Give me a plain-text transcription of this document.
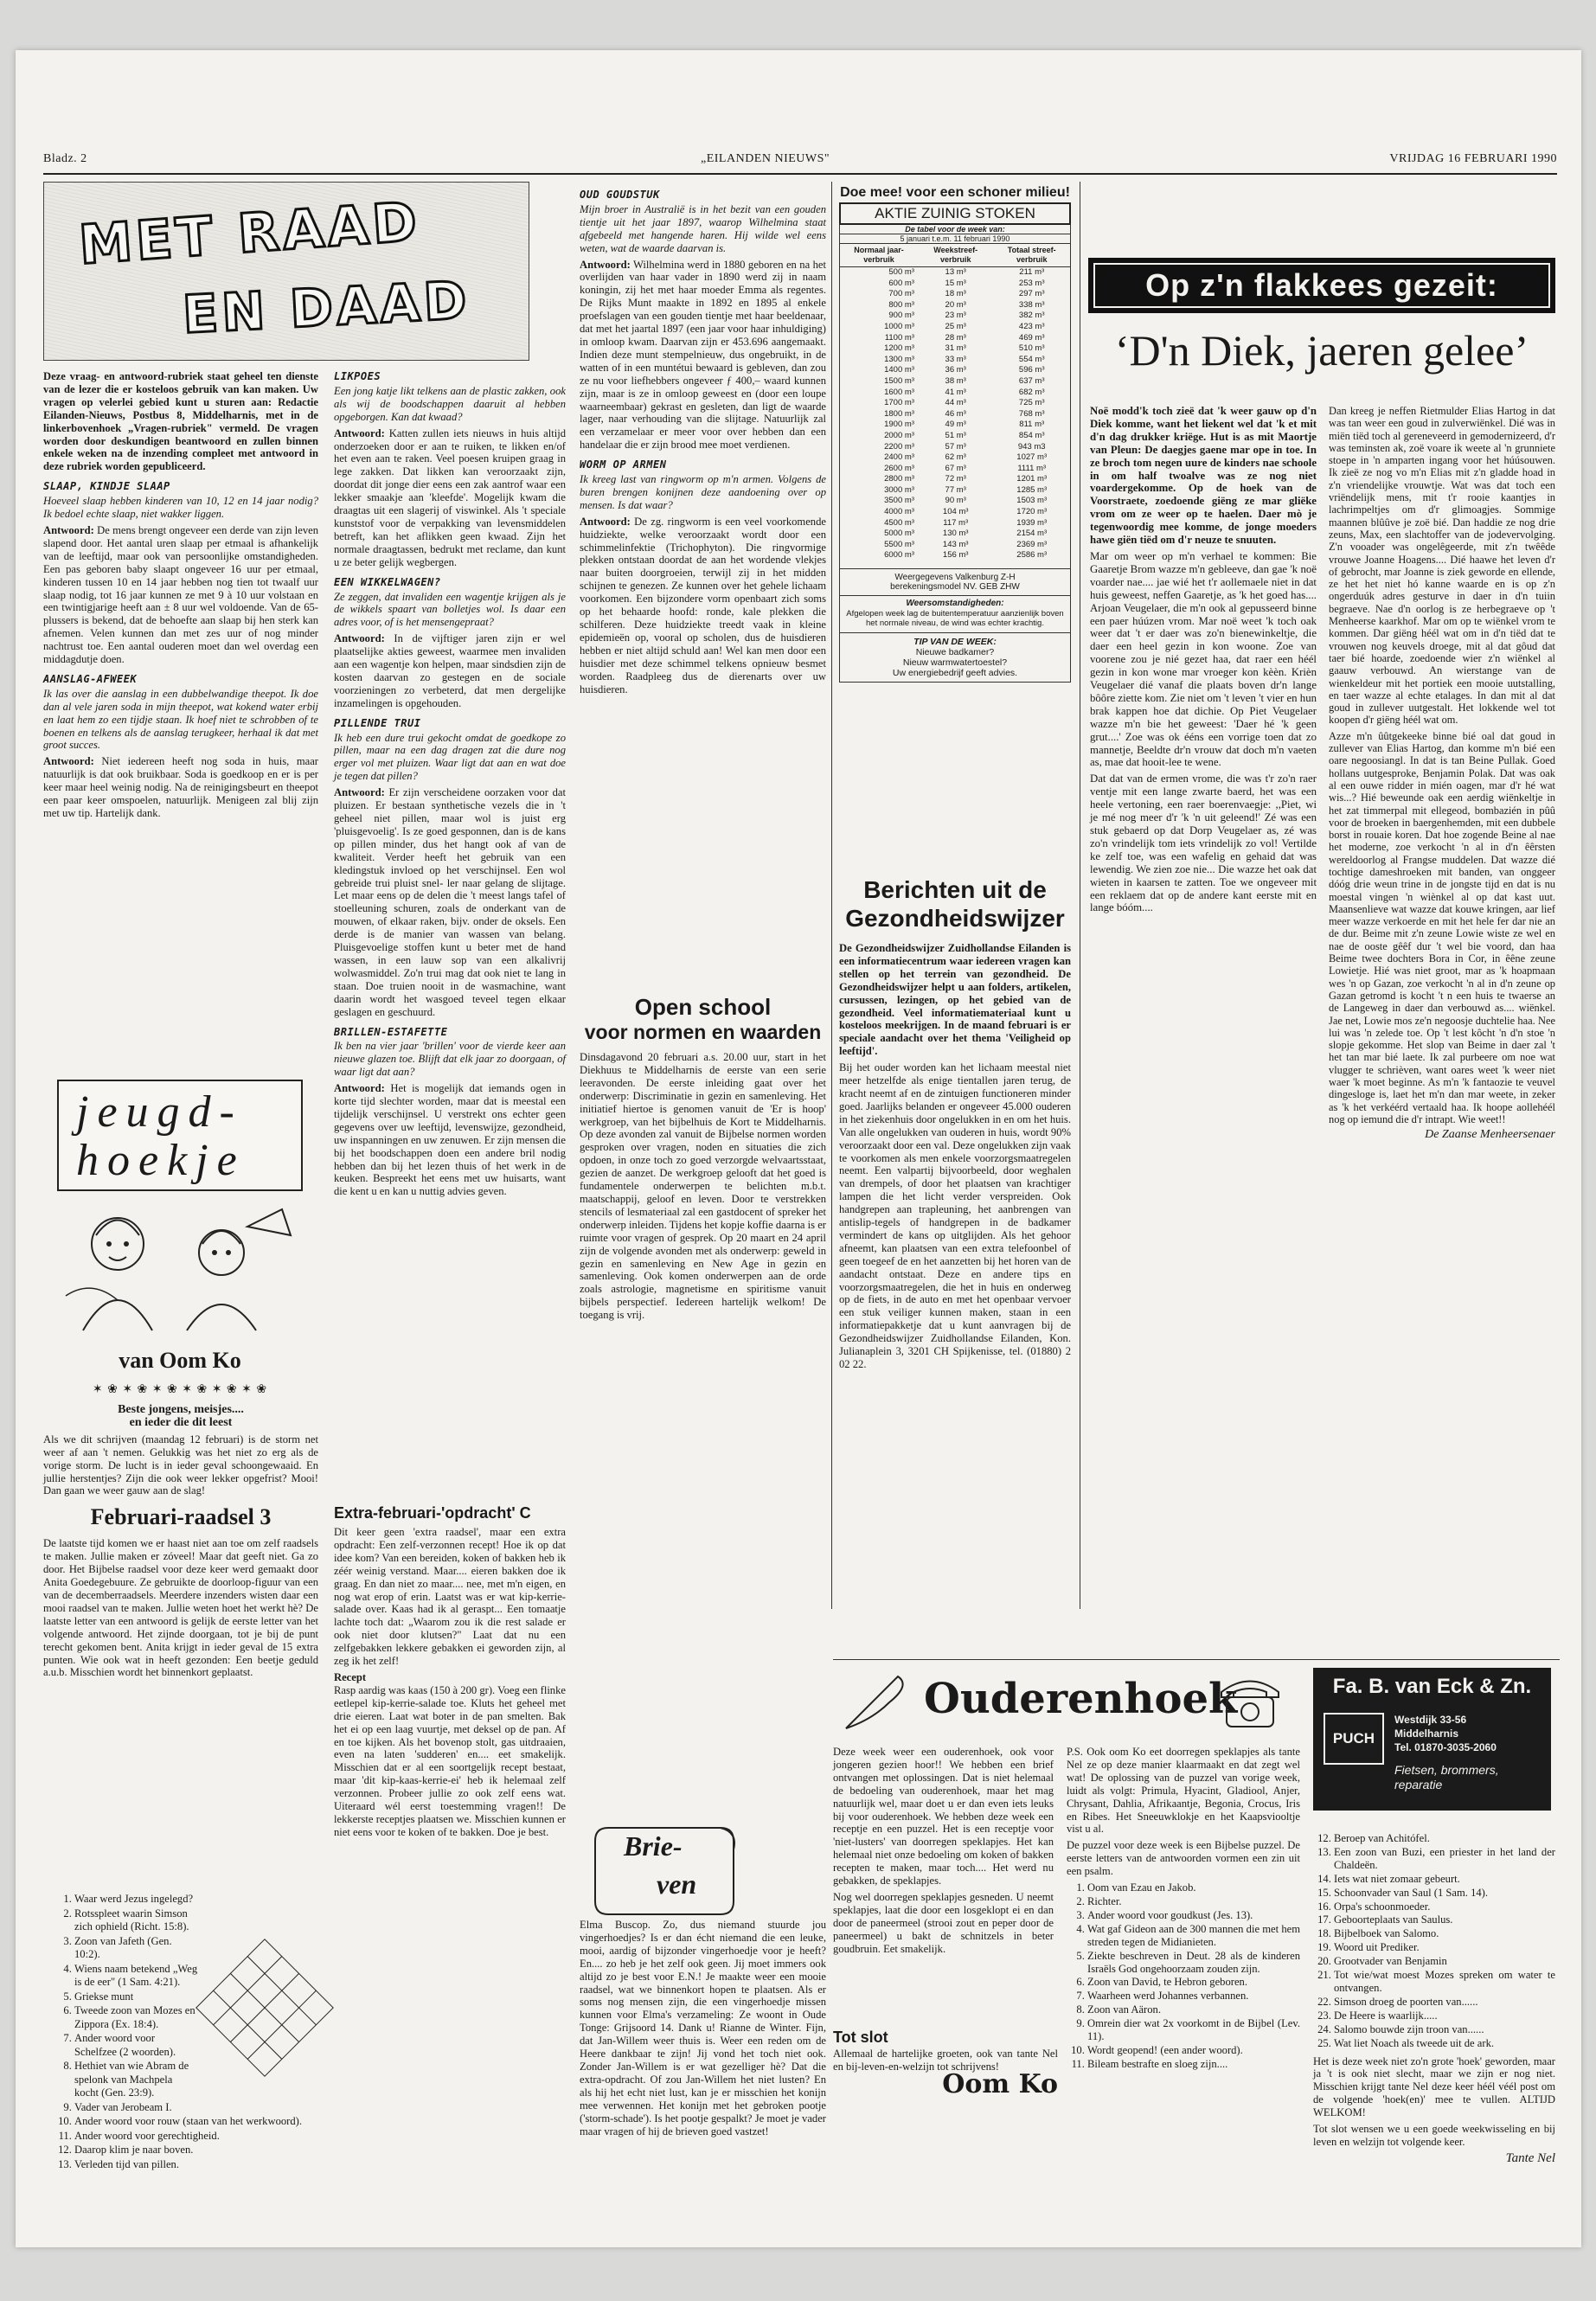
Bladz. 2	„EILANDEN NIEUWS"	VRIJDAG 16 FEBRUARI 1990
MET RAAD
EN DAAD

Deze vraag- en antwoord-rubriek staat geheel ten dienste van de lezer die er kosteloos gebruik van kan maken. Uw vragen op velerlei gebied kunt u sturen aan: Redactie Eilanden-Nieuws, Postbus 8, Middelharnis, met in de linkerbovenhoek „Vragen-rubriek" vermeld. De vragen worden door deskundigen beantwoord en zullen binnen enkele weken na de inzending compleet met antwoord in deze rubriek worden gepubliceerd.

SLAAP, KINDJE SLAAP

Hoeveel slaap hebben kinderen van 10, 12 en 14 jaar nodig? Ik bedoel echte slaap, niet wakker liggen.

Antwoord: De mens brengt ongeveer een derde van zijn leven slapend door. Het aantal uren slaap per etmaal is afhankelijk van de leeftijd, maar ook van persoonlijke omstandigheden. Een pas geboren baby slaapt ongeveer 16 uur per etmaal, kinderen tussen 10 en 14 jaar hebben nog tien tot twaalf uur slaap nodig, tot 16 jaar kunnen ze met 9 à 10 uur volstaan en een twintigjarige heeft aan ± 8 uur wel voldoende. Van de 65-plussers is bekend, dat de behoefte aan slaap bij hen sterk kan afnemen. Velen kunnen dan met zes uur of nog minder nachtrust toe. Een aantal ouderen moet dan wel overdag een middagdutje doen.

AANSLAG-AFWEEK

Ik las over die aanslag in een dubbelwandige theepot. Ik doe dan al vele jaren soda in mijn theepot, wat kokend water erbij en laat hem zo een tijdje staan. Ik hoef niet te schrobben of te boenen en telkens als de aanslag terugkeer, herhaal ik dat met groot succes.

Antwoord: Niet iedereen heeft nog soda in huis, maar natuurlijk is dat ook bruikbaar. Soda is goedkoop en er is per keer maar heel weinig nodig. Na de reinigingsbeurt en theepot een paar keer omspoelen, natuurlijk. Menigeen zal blij zijn met uw tip. Hartelijk dank.

LIKPOES

Een jong katje likt telkens aan de plastic zakken, ook als wij de boodschappen daaruit al hebben opgeborgen. Kan dat kwaad?

Antwoord: Katten zullen iets nieuws in huis altijd onderzoeken door er aan te ruiken, te likken en/of het even aan te raken. Veel poesen kruipen graag in lege zakken. Dat likken kan veroorzaakt zijn, doordat dit jonge dier eens een zak aantrof waar een lekker smaakje aan 'kleefde'. Mogelijk kwam die draagtas uit een slagerij of viswinkel. Als 't speciale kunststof voor de verpakking van levensmiddelen betreft, kan het aflikken geen kwaad. Zijn het normale draagtassen, bedrukt met reclame, dan kunt u ze beter gelijk wegbergen.

EEN WIKKELWAGEN?

Ze zeggen, dat invaliden een wagentje krijgen als je de wikkels spaart van bolletjes wol. Is daar een adres voor, of is het mensengepraat?

Antwoord: In de vijftiger jaren zijn er wel plaatselijke akties geweest, waarmee men invaliden aan een wagentje kon helpen, maar sindsdien zijn de kosten daarvan zo gestegen en de sociale voorzieningen zo verbeterd, dat men dergelijke inzamelingen is opgehouden.

PILLENDE TRUI

Ik heb een dure trui gekocht omdat de goedkope zo pillen, maar na een dag dragen zat die dure nog erger vol met pluizen. Waar ligt dat aan en wat doe je tegen dat pillen?

Antwoord: Er zijn verscheidene oorzaken voor dat pluizen. Er bestaan synthetische vezels die in 't geheel niet pillen, maar wol is juist erg 'pluisgevoelig'. Is ze goed gesponnen, dan is de kans op pillen minder, dus het hangt ook af van de kwaliteit. Verder heeft het gebruik van een kledingstuk invloed op het verschijnsel. Een wol gebreide trui pluist snel- ler naar gelang de slijtage. Let maar eens op de delen die 't meest langs tafel of stoelleuning schuren, zoals de onderkant van de mouwen, of elkaar raken, bijv. onder de oksels. Een derde is de manier van wassen van belang. Pluisgevoelige stoffen kunt u beter met de hand wassen, in een lauw sop van een alkalivrij wolwasmiddel. Zo'n trui mag dat ook niet te lang in staan. Doe truien nooit in de wasmachine, want daarin wordt het wasgoed teveel tegen elkaar geslagen en geschuurd.

BRILLEN-ESTAFETTE

Ik ben na vier jaar 'brillen' voor de vierde keer aan nieuwe glazen toe. Blijft dat elk jaar zo doorgaan, of waar ligt dat aan?

Antwoord: Het is mogelijk dat iemands ogen in korte tijd slechter worden, maar dat is meestal een tijdelijk verschijnsel. U verstrekt ons echter geen gegevens over uw leeftijd, levenswijze, gezondheid, uw inspanningen en uw zenuwen. Er zijn mensen die bij het boodschappen doen een andere bril nodig hebben dan bij het lezen thuis of het werk in de keuken. Bespreekt het eens met uw huisarts, want die kent u en kan u nuttig advies geven.

OUD GOUDSTUK

Mijn broer in Australië is in het bezit van een gouden tientje uit het jaar 1897, waarop Wilhelmina staat afgebeeld met hangende haren. Hij wilde wel eens weten, wat de waarde daarvan is.

Antwoord: Wilhelmina werd in 1880 geboren en na het overlijden van haar vader in 1890 werd zij in naam koningin, zij het met haar moeder Emma als regentes. De Rijks Munt maakte in 1892 en 1895 al enkele proefslagen van een gouden tientje met haar beeldenaar, dat met het jaartal 1897 (een jaar voor haar inhuldiging) in omloop kwam. Daarvan zijn er 453.696 aangemaakt. Indien deze munt stempelnieuw, dus ongebruikt, in de watten of in een muntétui bewaard is gebleven, dan zou ze nu voor liefhebbers ongeveer ƒ 400,– waard kunnen zijn, maar is ze in omloop geweest en (door een loupe waarneembaar) gekrast en gesleten, dan ligt de waarde lager, naar verhouding van die slijtage. Natuurlijk zal een verzamelaar er meer voor over hebben dan een handelaar die er zijn brood mee moet verdienen.

WORM OP ARMEN

Ik kreeg last van ringworm op m'n armen. Volgens de buren brengen konijnen deze aandoening over op mensen. Is dat waar?

Antwoord: De zg. ringworm is een veel voorkomende huidziekte, welke veroorzaakt wordt door een schimmelinfektie (Trichophyton). Die ringvormige plekken ontstaan doordat de aan het wordende vlekjes naar buiten doorgroeien, terwijl zij in het midden schijnen te genezen. Ze kunnen over het gehele lichaam voorkomen. Een bijzondere vorm openbaart zich soms op het behaarde hoofd: ronde, kale plekken die schilferen. Deze huidziekte treedt vaak in kleine epidemieën op, vooral op scholen, dus de huisdieren hebben er niet altijd schuld aan! Wel kan men door een huisdier met deze schimmel telkens opnieuw besmet worden. Raadpleeg dus de dierenarts over uw huisdieren.

Doe mee! voor een schoner milieu!
AKTIE ZUINIG STOKEN
De tabel voor de week van:
5 januari t.e.m. 11 februari 1990
Normaal jaar-verbruik	Weekstreef-verbruik	Totaal streef-verbruik
500 m³	13 m³	211 m³
600 m³	15 m³	253 m³
700 m³	18 m³	297 m³
800 m³	20 m³	338 m³
900 m³	23 m³	382 m³
1000 m³	25 m³	423 m³
1100 m³	28 m³	469 m³
1200 m³	31 m³	510 m³
1300 m³	33 m³	554 m³
1400 m³	36 m³	596 m³
1500 m³	38 m³	637 m³
1600 m³	41 m³	682 m³
1700 m³	44 m³	725 m³
1800 m³	46 m³	768 m³
1900 m³	49 m³	811 m³
2000 m³	51 m³	854 m³
2200 m³	57 m³	943 m3
2400 m³	62 m³	1027 m³
2600 m³	67 m³	1111 m³
2800 m³	72 m³	1201 m³
3000 m³	77 m³	1285 m³
3500 m³	90 m³	1503 m³
4000 m³	104 m³	1720 m³
4500 m³	117 m³	1939 m³
5000 m³	130 m³	2154 m³
5500 m³	143 m³	2369 m³
6000 m³	156 m³	2586 m³
Weergegevens Valkenburg Z-H
berekeningsmodel NV. GEB ZHW
Weersomstandigheden:
Afgelopen week lag de buitentemperatuur aanzienlijk boven het normale niveau, de wind was echter krachtig.
TIP VAN DE WEEK:
Nieuwe badkamer?
Nieuw warmwatertoestel?
Uw energiebedrijf geeft advies.
Open school
voor normen en waarden

Dinsdagavond 20 februari a.s. 20.00 uur, start in het Diekhuus te Middelharnis de eerste van een serie leeravonden. De eerste inleiding gaat over het onderwerp: Discriminatie in gezin en samenleving. Het initiatief hiertoe is genomen vanuit de 'Er is hoop' werkgroep, van het bijbelhuis de Kort te Middelharnis. Op deze avonden zal vanuit de Bijbelse normen worden gesproken over vragen, noden en situaties die zich opdoen, in onze toch zo goed verzorgde welvaartsstaat, gezien de aanzet. De werkgroep gelooft dat het goed is fundamentele onderwerpen te belichten m.b.t. maatschappij, geloof en leven. Door te verstrekken stencils of lesmateriaal zal een gastdocent of spreker het onderwerp inleiden. Tijdens het kopje koffie daarna is er ruimte voor vragen of gesprek. Op 20 maart en 24 april zijn de volgende avonden met als onderwerp: geweld in gezin en samenleving en New Age in gezin en samenleving. Ook komen onderwerpen aan de orde zoals astrologie, magnetisme en spiritisme vanuit bijbels perspectief. Iedereen hartelijk welkom! De toegang is vrij.

Berichten uit de
Gezondheidswijzer

De Gezondheidswijzer Zuidhollandse Eilanden is een informatiecentrum waar iedereen vragen kan stellen op het terrein van gezondheid. De Gezondheidswijzer helpt u aan folders, artikelen, cursussen, lezingen, op het gebied van de gezondheid. Veel informatiemateriaal kunt u kosteloos meekrijgen. In de maand februari is er speciale aandacht over het thema 'Veiligheid op leeftijd'.

Bij het ouder worden kan het lichaam meestal niet meer hetzelfde als enige tientallen jaren terug, de kracht neemt af en de zintuigen functioneren minder goed. Jaarlijks belanden er ongeveer 45.000 ouderen in het ziekenhuis door ongelukken in en om het huis. Van alle ongelukken van ouderen in huis, wordt 90% veroorzaakt door een val. Deze ongelukken zijn vaak te voorkomen als men enkele voorzorgsmaatregelen neemt. Een valpartij bijvoorbeeld, door weghalen van drempels, of door het plaatsen van krachtiger lampen die het licht verder verspreiden. Ook handgrepen aan trapleuning, het aanbrengen van antislip-tegels of handgrepen in de badkamer vermindert de kans op uitglijden. Als het gehoor afneemt, kan plaatsen van een extra telefoonbel of geen toegeef de en het aanzetten bij het horen van de aandacht ontstaat. Deze en andere tips en voorzorgsmaatregelen, die het in huis en onderweg op de fiets, in de auto en met het openbaar vervoer een stuk veiliger kunnen maken, staan in een informatiepakketje dat u kunt aanvragen bij de Gezondheidswijzer Zuidhollandse Eilanden, Kon. Julianaplein 3, 3201 CH Spijkenisse, tel. (01880) 2 02 22.

Op z'n flakkees gezeit:
‘D'n Diek, jaeren gelee’

Noë modd'k toch zieë dat 'k weer gauw op d'n Diek komme, want het liekent wel dat 'k et mit d'n dag drukker kriëge. Hut is as mit Maortje van Pleun: De daegjes gaene mar ope in toe. In ze broch tom negen uure de kinders nae schoole in om half twoalve was ze nog niet voardergekomme. Op de hoek van de Voorstraete, zoedoende giëng ze mar gliëke vrom om ze weer op te haelen. Daer mò je tegenwoordig mee komme, de jonge moeders hawe giën tiëd om d'r neuze te snuuten.

Mar om weer op m'n verhael te kommen: Bie Gaaretje Brom wazze m'n gebleeve, dan gae 'k noë voarder nae.... jae wié het t'r aollemaele niet in dat huis geweest, neffen Gaaretje, as 'k het goed has.... Arjoan Veugelaer, die m'n ook al gepusseerd binne een paer húúzen vrom. Mar noë weet 'k toch oak weer dat 't er daer was zo'n bienewinkeltje, die daer een heel gezin in kon woone. Zoe van voorene zou je nié gezet haa, dat raer een héél gezin in kon wone mar vroeger kon kèèn. Krièn Veugelaer dié vanaf die plaats boven dr'n lange bôôre ziette kom. Zie niet om 't leven 't vier en hun brak kappen hoe dat dichie. Op Piet Veugelaer wazze m'n bie het geweest: 'Daer hé 'k geen grut....' Zoe was ok ééns een vorrige toen dat zo mannetje, Beeldte dr'n vrouw dat doch m'n vaeten as, mae dat hooit-lee te wene.

Dat dat van de ermen vrome, die was t'r zo'n raer ventje mit een lange zwarte baerd, het was een heele vertoning, een raer boerenvaegje: ,,Piet, wi je mé nog meer d'r 'k 'n uit geleend!' Zé was een stuk gebaerd op dat Dorp Veugelaer as, zé was zo'n vrindelijk tom iets vrindelijk zo vol! Vertilde ke zelf toe, was een wafelig en gehaid dat was lewendig. We zien zoe nie... Die wazze het oak dat wieten in kaarsen te zatten. Toe we ongeveer mit een reklaem dat op de andere kant eerste mit en lange bóóm....

Dan kreeg je neffen Rietmulder Elias Hartog in dat was tan weer een goud in zulverwiënkel. Dié was in miën tiëd toch al gereneveerd in gemodernizeerd, d'r was teminsten ak, zoë voare ik weete al 'n grunniete stoepe in 'n amparten ingang voor het húúsouwen. Ik zieë ze nog vo m'n Elias mit z'n gladde hoad in z'n vriendelijke vrouwtje. Wat was dat toch een vriëndelijk mens, mit t'r rooie kaantjes in lachrimpeltjes om d'r glimoagjes. Sommige maannen blûûve je zoë bié. Dan haddie ze nog drie zeuns, Max, een slachtoffer van de jodevervolging. Z'n vooader was ongelêgeerde, mit z'n twêêde vrouwe Joanne Hoagens.... Dié haawe het leven d'r of gebrocht, mar Joanne is ziek geworde en ellende, ze het het niet hó kanne waarde en is op z'n ongerduúk adres gesturve in daer in d'n tuiin begraeve. Nae d'n oorlog is ze herbegraeve op 't Menheerse kaarkhof. Mar om op te wiënkel vrom te kommen. Dar giëng héél wat om in d'n tiëd dat te vrouwen nog keuvels droege, mit al dat gôud dat taer bié hoarde, zoedoende wier z'n wiënkel al gaauw verbouwd. An wierstange van de wienkeldeur mit het portiek een mooie uutstalling, en taer wazze al echte etalages. In dan mit al dat goud in zullever uutgestalt. Het lokkende wel tot koopen d'r giëng héél wat om.

Azze m'n ûûtgekeeke binne bié oal dat goud in zullever van Elias Hartog, dan komme m'n bié een oare negoosiangl. In dat is tan Beine Pullak. Goed hollans uutgesproke, Benjamin Polak. Dat was oak al een ouwe ridder in mién oagen, mar d'r hé wat wis...? Hié beweunde oak een aerdig wiënkeltje in het zat timmerpal mit ellegeod, bombazién in pûû voor de broeken in baergenhemden, mit een dubbele borst in rouaie koren. Dat hoe zogende Beine al nae het moderne, zoe verkocht 'n al in d'n êêrsten wereldoorlog al Frangse muddelen. Dat wazze dié tochtige dameshroeken mit banden, van onggeer dóóg drie weun trine in de jongste tijd en dat is nu moestal vingen 'n wiènkel al op dat kast uut. Maansenlieve wat wazze dat kouwe kringen, aar lief meer wazze verkoerde en mit het hele fer dar nie an de dur. Beime mit z'n zeune Lowie wiste ze wel en nae de ooste gêêf dur 't wel bie voord, dan haa Beime twee dochters Bora in Cor, in êêne zeune Lowietje. Hié was niet groot, mar as 'k hoapmaan wes 'n op Gazan, zoe verkocht 'n al in d'n zeune op Gazan getromd is kocht 't n een huis te twaerse an de Langeweg in daer dan verbouwd as.... wiënkel. Jae net, Lowie mos ze'n negoosje duchtelie haa. Nee lui was 'n zelede toe. Op 't lest kôcht 'n d'n stoe 'n slopje gekomme. Het slop van Beime in daer zal 't het tan mar bié laete. Ik zal purbeere om noe wat vlugger te schrièven, want oares weet 'k weer niet waer 'k moet beginne. As m'n 'k fantaozie te veuvel dingesloge is, laet het m'n dan mar weete, in zeker as 'k het verkéérd vertaald haa. Ik hoope aollehéél nog op iemund die d'r intrapt. Wie weet!!

De Zaanse Menheersenaer

jeugd-
hoekje
van Oom Ko
✶ ❀ ✶ ❀ ✶ ❀ ✶ ❀ ✶ ❀ ✶ ❀
Beste jongens, meisjes....
en ieder die dit leest

Als we dit schrijven (maandag 12 februari) is de storm net weer af aan 't nemen. Gelukkig was het niet zo erg als de vorige storm. De lucht is in ieder geval schoongewaaid. En jullie herstentjes? Zijn die ook weer lekker opgefrist? Mooi! Dan gaan we weer gauw aan de slag!

Februari-raadsel 3

De laatste tijd komen we er haast niet aan toe om zelf raadsels te maken. Jullie maken er zóveel! Maar dat geeft niet. Ga zo door. Het Bijbelse raadsel voor deze keer werd gemaakt door Anita Goedegebuure. Ze gebruikte de doorloop-figuur van een van de decemberraadsels. Meerdere inzenders wisten daar een mooi raadsel van te maken. Jullie weten hoet het werkt hè? De laatste letter van een antwoord is gelijk de eerste letter van het volgende antwoord. Het zijnde doorgaan, tot je bij de punt terecht gekomen bent. Anita krijgt in ieder geval de 15 extra punten. Wie ook wat in heeft gezonden: Een beetje geduld a.u.b. Misschien wordt het binnenkort geplaatst.

1. Waar werd Jezus ingelegd?
2. Rotsspleet waarin Simson zich ophield (Richt. 15:8).
3. Zoon van Jafeth (Gen. 10:2).
4. Wiens naam betekend „Weg is de eer" (1 Sam. 4:21).
5. Griekse munt
6. Tweede zoon van Mozes en Zippora (Ex. 18:4).
7. Ander woord voor Schelfzee (2 woorden).
8. Hethiet van wie Abram de spelonk van Machpela kocht (Gen. 23:9).
9. Vader van Jerobeam I.
10. Ander woord voor rouw (staan van het werkwoord).
11. Ander woord voor gerechtigheid.
12. Daarop klim je naar boven.
13. Verleden tijd van pillen.
Extra-februari-'opdracht' C

Dit keer geen 'extra raadsel', maar een extra opdracht: Een zelf-verzonnen recept! Hoe ik op dat idee kom? Van een bereiden, koken of bakken heb ik zéér weinig verstand. Maar.... eieren bakken doe ik graag. En dan niet zo maar.... nee, met m'n eigen, en nog wat erop of erin. Laatst was er wat kip-kerrie-salade over. Kaas had ik al geraspt... Een tomaatje lachte toch dat: „Waarom zou ik die rest salade er ook niet door klutsen?" Laat dat nu een zelfgebakken lekkere gebakken ei geworden zijn, al zeg ik het zelf!

Recept

Rasp aardig was kaas (150 à 200 gr). Voeg een flinke eetlepel kip-kerrie-salade toe. Kluts het geheel met drie eieren. Laat wat boter in de pan smelten. Bak het ei op een laag vuurtje, met deksel op de pan. Af en toe kijken. Als het bovenop stolt, gas uitdraaien, even na laten 'sudderen' en.... eet smakelijk. Misschien dat er al een soortgelijk recept bestaat, maar 'dit kip-kaas-kerrie-ei' heb ik helemaal zelf verzonnen. Probeer jullie zo ook zelf eens wat. Uiteraard wél eerst toestemming vragen!! De lekkerste receptjes plaatsen we. Misschien kunnen er niet eens voor te koken of te bakken. Doe je best.	Brie-
ven

Elma Buscop. Zo, dus niemand stuurde jou vingerhoedjes? Is er dan écht niemand die een leuke, mooi, aardig of bijzonder vingerhoedje voor je heeft? En.... zo heb je het zelf ook geen. Jij moet immers ook altijd zo je best voor E.N.! Je maakte weer een mooie raadsel, wat we binnenkort hopen te plaatsen. Als er soms nog mensen zijn, die een vingerhoedje missen kunnen voor Elma's verzameling: Ze woont in Oude Tonge: Grijsoord 14. Dank u! Rianne de Winter. Fijn, dat Jan-Willem weer thuis is. Weer een reden om de Heere dankbaar te zijn! Jij vond het toch niet ook. Zonder Jan-Willem is er wat gezelliger hè? Dat die extra-opdracht. Of zou Jan-Willem het niet lusten? En als hij het echt niet lust, kan je er misschien het konijn mee verwennen. Het konijn met het gebroken pootje ('storm-schade'). Is het pootje gespalkt? Je moet je vader maar vragen of hij de brieven goed vastzet!

Tot slot

Allemaal de hartelijke groeten, ook van tante Nel en bij-leven-en-welzijn tot schrijvens!

Oom Ko
Ouderenhoek	Fa. B. van Eck & Zn.
PUCH
Westdijk 33-56
Middelharnis
Tel. 01870-3035-2060
Fietsen, brommers,
reparatie

Deze week weer een ouderenhoek, ook voor jongeren gezien hoor!! We hebben een brief ontvangen met oplossingen. Dat is niet helemaal de bedoeling van ouderenhoek, maar het mag natuurlijk wel, maar doet u er dan even iets leuks bij voor ouderenhoek. We hebben deze week een receptje en een puzzel. Het is een receptje voor 'niet-lusters' van doorregen speklapjes. Het kan helemaal niet onze bedoeling om koken of bakken recepten te maken, maar toch.... Het werd nu gebakken, de speklapjes.

Nog wel doorregen speklapjes gesneden. U neemt speklapjes, laat die door een losgeklopt ei en dan door de paneermeel (strooi zout en peper door de paneermeel) u bakt de schnitzels in beter goudbruin. Eet smakelijk.

P.S. Ook oom Ko eet doorregen speklapjes als tante Nel ze op deze manier klaarmaakt en dat zegt wel wat! De oplossing van de puzzel van vorige week, luidt als volgt: Primula, Hyacint, Gladiool, Anjer, Chrysant, Dahlia, Afrikaantje, Begonia, Crocus, Iris en Ribes. Het Sneeuwklokje en het Kaapsviooltje vist u al.

De puzzel voor deze week is een Bijbelse puzzel. De eerste letters van de antwoorden vormen een zin uit een psalm.

1. Oom van Ezau en Jakob.
2. Richter.
3. Ander woord voor goudkust (Jes. 13).
4. Wat gaf Gideon aan de 300 mannen die met hem streden tegen de Midianieten.
5. Ziekte beschreven in Deut. 28 als de kinderen Israëls God ongehoorzaam zouden zijn.
6. Zoon van David, te Hebron geboren.
7. Waarheen werd Johannes verbannen.
8. Zoon van Aäron.
9. Omrein dier wat 2x voorkomt in de Bijbel (Lev. 11).
10. Wordt geopend! (een ander woord).
11. Bileam bestrafte en sloeg zijn....
12. Beroep van Achitófel.
13. Een zoon van Buzi, een priester in het land der Chaldeën.
14. Iets wat niet zomaar gebeurt.
15. Schoonvader van Saul (1 Sam. 14).
16. Orpa's schoonmoeder.
17. Geboorteplaats van Saulus.
18. Bijbelboek van Salomo.
19. Woord uit Prediker.
20. Grootvader van Benjamin
21. Tot wie/wat moest Mozes spreken om water te ontvangen.
22. Simson droeg de poorten van......
23. De Heere is waarlijk.....
24. Salomo bouwde zijn troon van......
25. Wat liet Noach als tweede uit de ark.

Het is deze week niet zo'n grote 'hoek' geworden, maar ja 't is ook niet slecht, maar we zijn er nog niet. Misschien krijgt tante Nel deze keer héél véél post om de volgende 'hoek(en)' mee te vullen. ALTIJD WELKOM!

Tot slot wensen we u een goede weekwisseling en bij leven en welzijn tot volgende keer.

Tante Nel
